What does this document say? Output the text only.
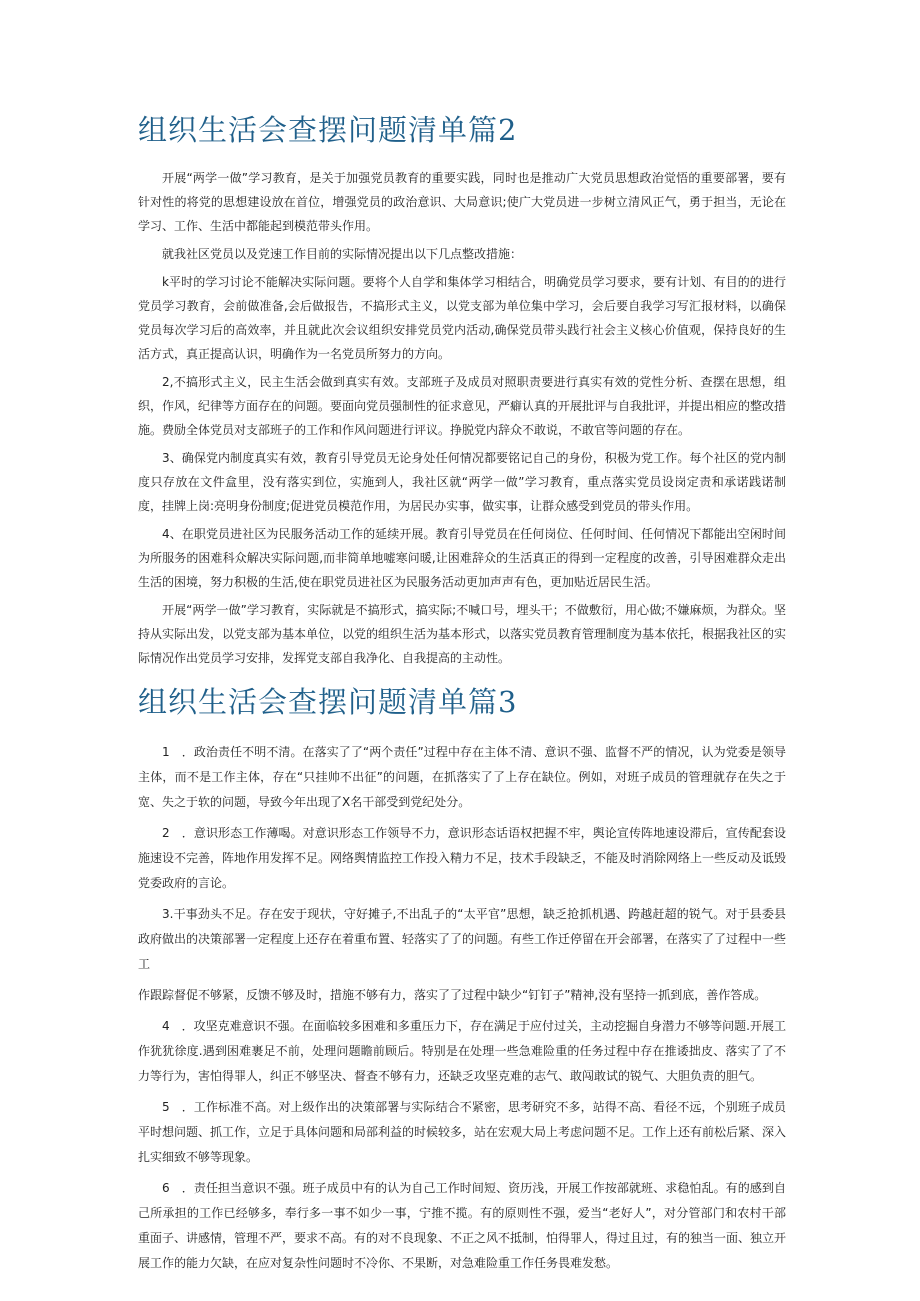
组织生活会查摆问题清单篇2

开展“两学一做”学习教育，是关于加强党员教育的重要实践，同时也是推动广大党员思想政治觉悟的重要部署，要有针对性的将党的思想建设放在首位，增强党员的政治意识、大局意识;使广大党员进一步树立清风正气，勇于担当，无论在学习、工作、生活中都能起到模范带头作用。

就我社区党员以及党速工作目前的实际情况提出以下几点整改措施：

k平时的学习讨论不能解决实际问题。要将个人自学和集体学习相结合，明确党员学习要求，要有计划、有目的的进行党员学习教育，会前做准备,会后做报告，不搞形式主义，以党支部为单位集中学习，会后要自我学习写汇报材料，以确保党员每次学习后的高效率，并且就此次会议组织安排党员党内活动,确保党员带头践行社会主义核心价值观，保持良好的生活方式，真正提高认识，明确作为一名党员所努力的方向。

2,不搞形式主义，民主生活会做到真实有效。支部班子及成员对照职责要进行真实有效的党性分析、查摆在思想，组织，作风，纪律等方面存在的问题。要面向党员强制性的征求意见，严癖认真的开展批评与自我批评，并提出相应的整改措施。费励全体党员对支部班子的工作和作风问题进行评议。挣脱党内辞众不敢说，不敢官等问题的存在。

3、确保党内制度真实有效，教育引导党员无论身处任何情况都要铭记自己的身份，积极为党工作。每个社区的党内制度只存放在文件盒里，没有落实到位，实施到人，我社区就“两学一做”学习教育，重点落实党员设岗定责和承诺践诺制度，挂牌上岗:亮明身份制度;促进党员模范作用，为居民办实事，做实事，让群众感受到党员的带头作用。

4、在职党员进社区为民服务活动工作的延续开展。教育引导党员在任何岗位、任何时间、任何情况下都能出空闲时间为所服务的困难科众解决实际问题,而非简单地嘘寒问暖,让困难辞众的生活真正的得到一定程度的改善，引导困难群众走出生活的困境，努力积极的生活,使在职党员进社区为民服务活动更加声声有色，更加贴近居民生活。

开展“两学一做”学习教育，实际就是不搞形式，搞实际;不喊口号，埋头干；不做敷衍，用心做;不嫌麻烦，为群众。坚持从实际出发，以党支部为基本单位，以党的组织生活为基本形式，以落实党员教育管理制度为基本依托，根据我社区的实际情况作出党员学习安排，发挥党支部自我净化、自我提高的主动性。

组织生活会查摆问题清单篇3

1　．政治责任不明不清。在落实了了“两个责任”过程中存在主体不清、意识不强、监督不严的情况，认为党委是领导主体，而不是工作主体，存在“只挂帅不出征”的问题，在抓落实了了上存在缺位。例如，对班子成员的管理就存在失之于宽、失之于软的问题，导致今年出现了X名干部受到党纪处分。

2　．意识形态工作薄喝。对意识形态工作领导不力，意识形态话语权把握不牢，舆论宣传阵地速设滞后，宣传配套设施速设不完善，阵地作用发挥不足。网络舆情监控工作投入精力不足，技术手段缺乏，不能及时消除网络上一些反动及诋毁党委政府的言论。

3.干事劲头不足。存在安于现状，守好摊子,不出乱子的“太平官”思想，缺乏抢抓机遇、跨越赶超的锐气。对于县委县政府做出的决策部署一定程度上还存在着重布置、轻落实了了的问题。有些工作迁停留在开会部署，在落实了了过程中一些工

作跟踪督促不够紧，反馈不够及时，措施不够有力，落实了了过程中缺少“钉钉子”精神,没有坚持一抓到底，善作答成。

4　．攻坚克难意识不强。在面临较多困难和多重压力下，存在满足于应付过关，主动挖掘自身潜力不够等问题.开展工作犹犹徐度.遇到困难裹足不前，处理问题瞻前顾后。特别是在处理一些急难险重的任务过程中存在推诿拙皮、落实了了不力等行为，害怕得罪人，纠正不够坚决、督查不够有力，还缺乏攻坚克难的志气、敢闯敢试的锐气、大胆负责的胆气。

5　．工作标准不高。对上级作出的决策部署与实际结合不紧密，思考研究不多，站得不高、看径不远，个别班子成员平时想问题、抓工作，立足于具体问题和局部利益的时候较多，站在宏观大局上考虑问题不足。工作上还有前松后紧、深入扎实细致不够等现象。

6　．责任担当意识不强。班子成员中有的认为自己工作时间短、资历浅，开展工作按部就班、求稳怕乱。有的感到自己所承担的工作已经够多，奉行多一事不如少一事，宁推不揽。有的原则性不强，爱当“老好人”，对分管部门和农村干部重面子、讲感情，管理不严，要求不高。有的对不良现象、不正之风不抵制，怕得罪人，得过且过，有的独当一面、独立开展工作的能力欠缺，在应对复杂性问题时不冷你、不果断，对急难险重工作任务畏难发愁。
